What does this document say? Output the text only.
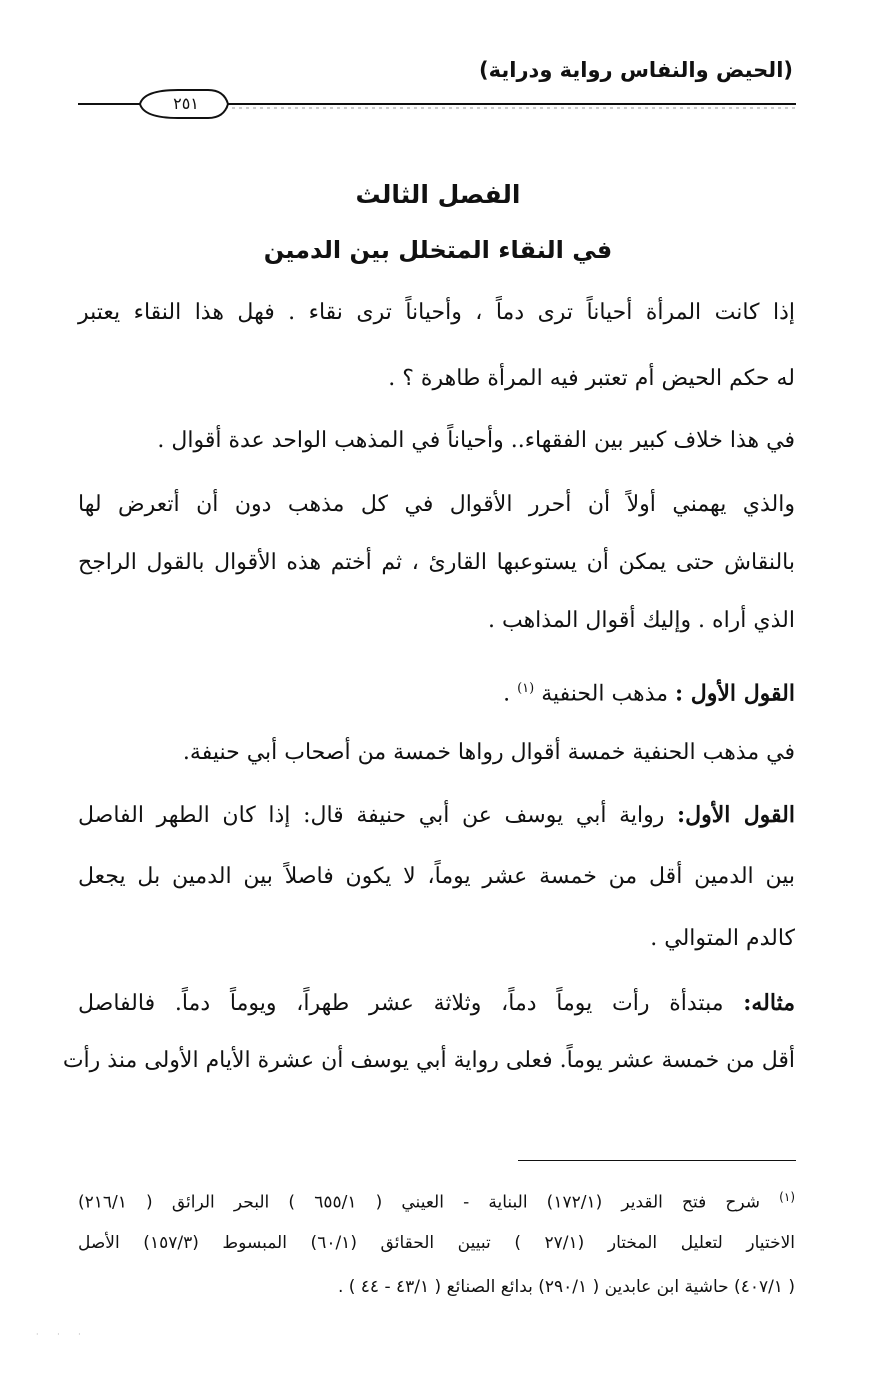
(الحيض والنفاس رواية ودراية)
٢٥١
الفصل الثالث
في النقاء المتخلل بين الدمين
إذا كانت المرأة أحياناً ترى دماً ، وأحياناً ترى نقاء . فهل هذا النقاء يعتبر
له حكم الحيض أم تعتبر فيه المرأة طاهرة ؟ .
في هذا خلاف كبير بين الفقهاء.. وأحياناً في المذهب الواحد عدة أقوال .
والذي يهمني أولاً أن أحرر الأقوال في كل مذهب دون أن أتعرض لها
بالنقاش حتى يمكن أن يستوعبها القارئ ، ثم أختم هذه الأقوال بالقول الراجح
الذي أراه . وإليك أقوال المذاهب .
القول الأول : مذهب الحنفية $^{(١)}$ .
في مذهب الحنفية خمسة أقوال رواها خمسة من أصحاب أبي حنيفة.
القول الأول: رواية أبي يوسف عن أبي حنيفة قال: إذا كان الطهر الفاصل
بين الدمين أقل من خمسة عشر يوماً، لا يكون فاصلاً بين الدمين بل يجعل
كالدم المتوالي .
مثاله: مبتدأة رأت يوماً دماً، وثلاثة عشر طهراً، ويوماً دماً. فالفاصل
أقل من خمسة عشر يوماً. فعلى رواية أبي يوسف أن عشرة الأيام الأولى منذ رأت
$^{(١)}$ شرح فتح القدير (١٧٢/١) البناية - العيني ( ٦٥٥/١ ) البحر الرائق ( ٢١٦/١)
الاختيار لتعليل المختار (٢٧/١ ) تبيين الحقائق (٦٠/١) المبسوط (١٥٧/٣) الأصل
( ٤٠٧/١) حاشية ابن عابدين ( ٢٩٠/١) بدائع الصنائع ( ٤٣/١ - ٤٤ ) .
· · ·
